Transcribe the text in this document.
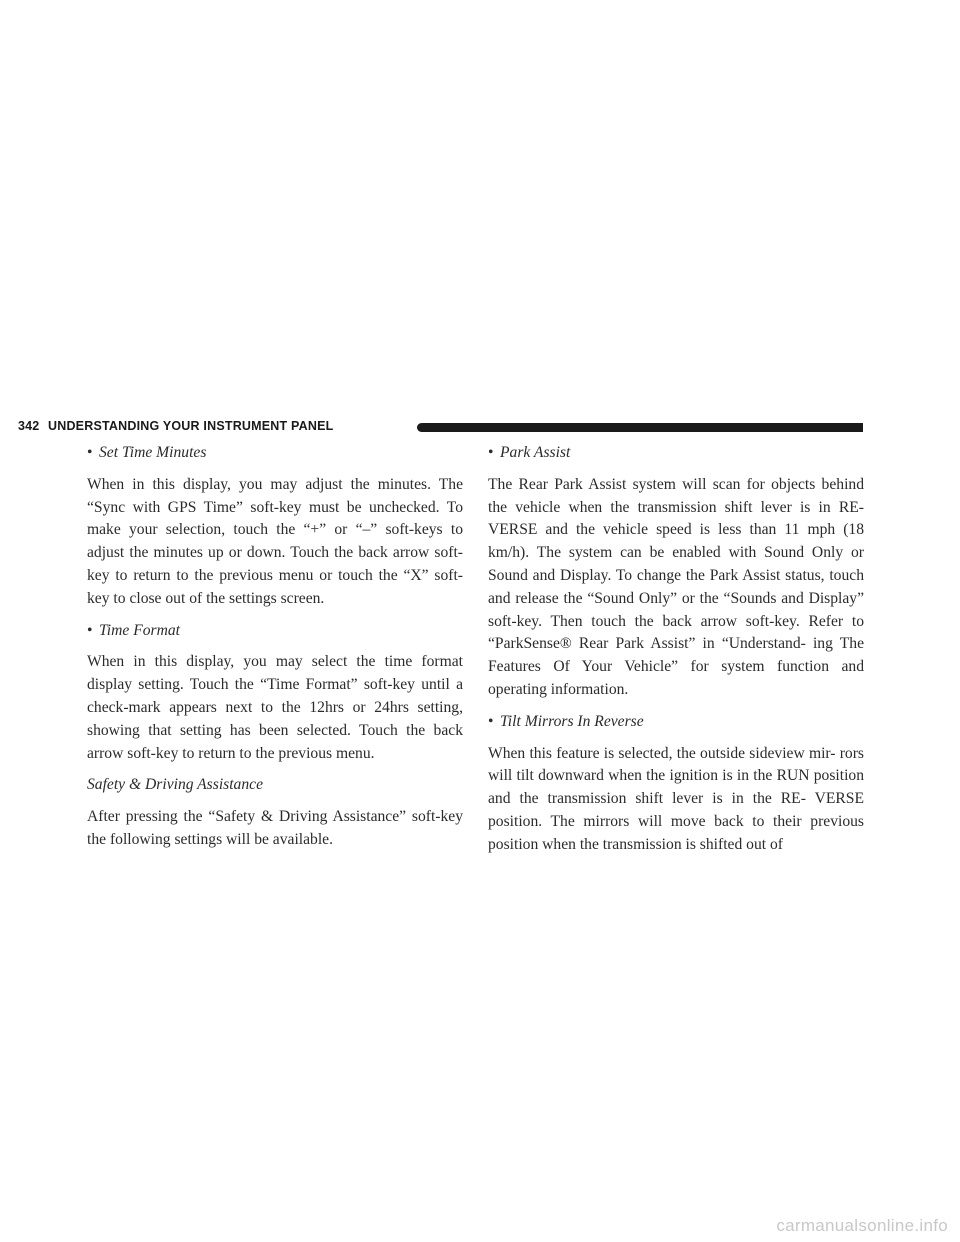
342 UNDERSTANDING YOUR INSTRUMENT PANEL
• Set Time Minutes

When in this display, you may adjust the minutes. The “Sync with GPS Time” soft-key must be unchecked. To make your selection, touch the “+” or “–” soft-keys to adjust the minutes up or down. Touch the back arrow soft-key to return to the previous menu or touch the “X” soft-key to close out of the settings screen.

• Time Format

When in this display, you may select the time format display setting. Touch the “Time Format” soft-key until a check-mark appears next to the 12hrs or 24hrs setting, showing that setting has been selected. Touch the back arrow soft-key to return to the previous menu.

Safety & Driving Assistance

After pressing the “Safety & Driving Assistance” soft-key the following settings will be available.

• Park Assist

The Rear Park Assist system will scan for objects behind the vehicle when the transmission shift lever is in RE- VERSE and the vehicle speed is less than 11 mph (18 km/h). The system can be enabled with Sound Only or Sound and Display. To change the Park Assist status, touch and release the “Sound Only” or the “Sounds and Display” soft-key. Then touch the back arrow soft-key. Refer to “ParkSense® Rear Park Assist” in “Understand- ing The Features Of Your Vehicle” for system function and operating information.

• Tilt Mirrors In Reverse

When this feature is selected, the outside sideview mir- rors will tilt downward when the ignition is in the RUN position and the transmission shift lever is in the RE- VERSE position. The mirrors will move back to their previous position when the transmission is shifted out of

carmanualsonline.info
